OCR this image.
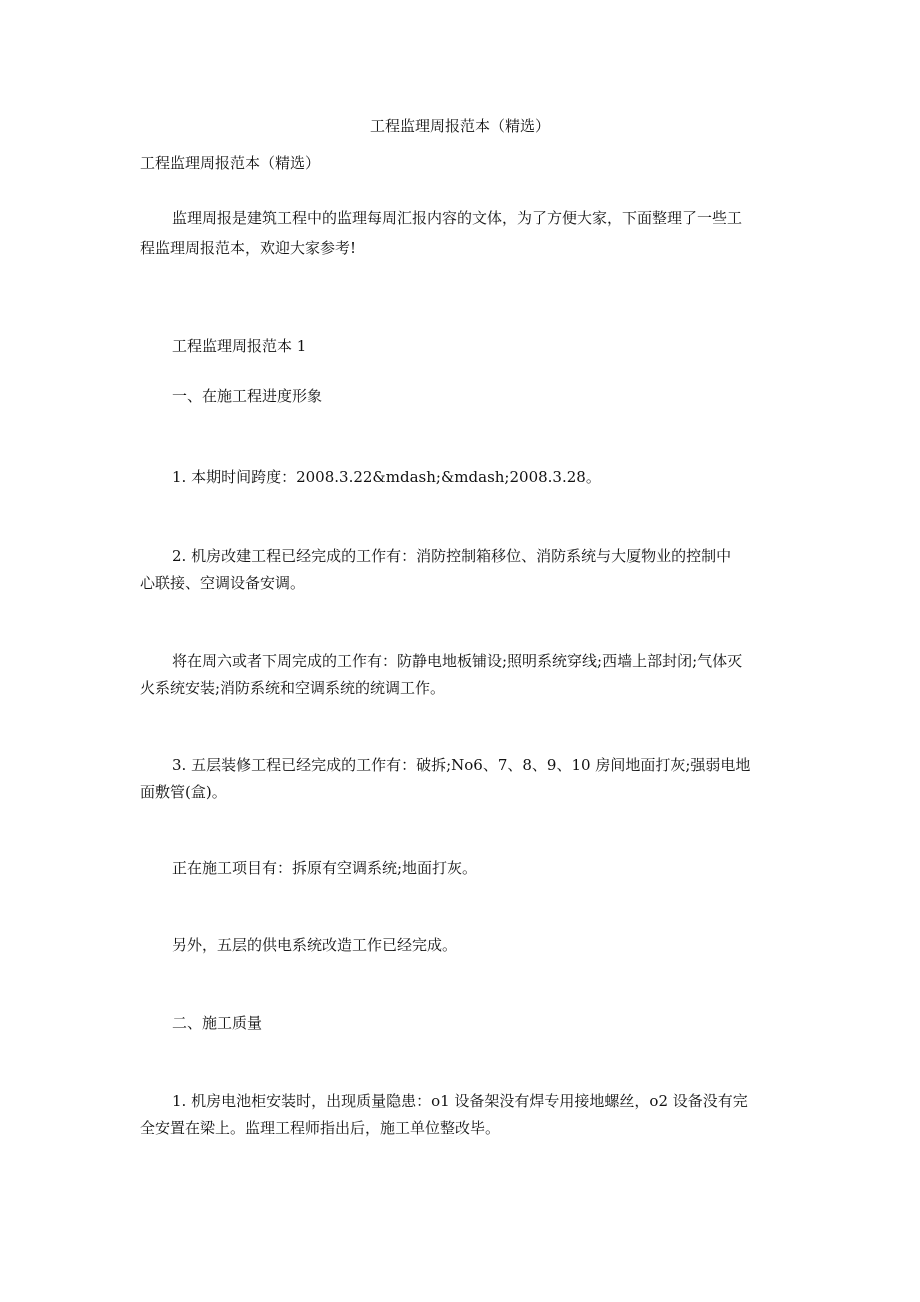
工程监理周报范本（精选）
工程监理周报范本（精选）
监理周报是建筑工程中的监理每周汇报内容的文体，为了方便大家，下面整理了一些工
程监理周报范本，欢迎大家参考!
工程监理周报范本 1
一、在施工程进度形象
1. 本期时间跨度：2008.3.22&mdash;&mdash;2008.3.28。
2. 机房改建工程已经完成的工作有：消防控制箱移位、消防系统与大厦物业的控制中
心联接、空调设备安调。
将在周六或者下周完成的工作有：防静电地板铺设;照明系统穿线;西墙上部封闭;气体灭
火系统安装;消防系统和空调系统的统调工作。
3. 五层装修工程已经完成的工作有：破拆;No6、7、8、9、10 房间地面打灰;强弱电地
面敷管(盒)。
正在施工项目有：拆原有空调系统;地面打灰。
另外，五层的供电系统改造工作已经完成。
二、施工质量
1. 机房电池柜安装时，出现质量隐患：o1 设备架没有焊专用接地螺丝，o2 设备没有完
全安置在梁上。监理工程师指出后，施工单位整改毕。
